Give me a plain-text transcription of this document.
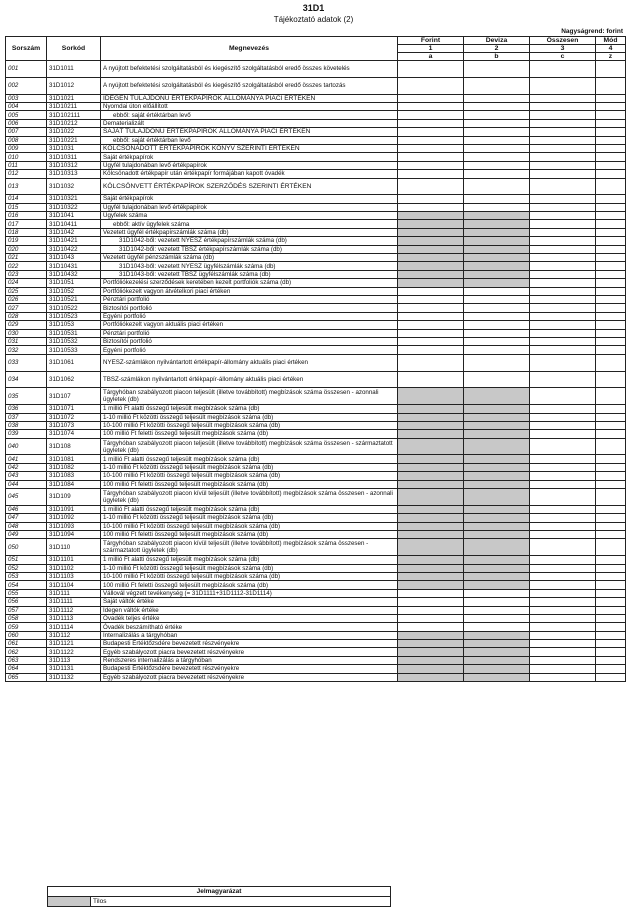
31D1
Tájékoztató adatok (2)
Nagyságrend: forint
Sorszám	Sorkód	Megnevezés	Forint	Deviza	Összesen	Mód
			1	2	3	4
			a	b	c	z
001	31D1011	A nyújtott befektetési szolgáltatásból és kiegészítő szolgáltatásból eredő összes követelés				
002	31D1012	A nyújtott befektetési szolgáltatásból és kiegészítő szolgáltatásból eredő összes tartozás				
003	31D1021	IDEGEN TULAJDONÚ ÉRTÉKPAPÍROK ÁLLOMÁNYA PIACI ÉRTÉKEN				
004	31D10211	Nyomdai úton előállított				
005	31D102111	ebből: saját értéktárban levő				
006	31D10212	Dematerializált				
007	31D1022	SAJÁT TULAJDONÚ ÉRTÉKPAPÍROK ÁLLOMÁNYA PIACI ÉRTÉKEN				
008	31D10221	ebből: saját értéktárban levő				
009	31D1031	KÖLCSÖNADOTT ÉRTÉKPAPÍROK KÖNYV SZERINTI ÉRTÉKEN				
010	31D10311	Saját értékpapírok				
011	31D10312	Ügyfél tulajdonában levő értékpapírok				
012	31D10313	Kölcsönadott értékpapír után értékpapír formájában kapott óvadék				
013	31D1032	KÖLCSÖNVETT ÉRTÉKPAPÍROK SZERZŐDÉS SZERINTI ÉRTÉKEN				
014	31D10321	Saját értékpapírok				
015	31D10322	Ügyfél tulajdonában levő értékpapírok				
016	31D1041	Ügyfelek száma				
017	31D10411	ebből: aktív ügyfelek száma				
018	31D1042	Vezetett ügyfél értékpapírszámlák száma (db)				
019	31D10421	31D1042-ből: vezetett NYESZ értékpapírszámlák száma (db)				
020	31D10422	31D1042-ből: vezetett TBSZ értékpapírszámlák száma (db)				
021	31D1043	Vezetett ügyfél pénzszámlák száma (db)				
022	31D10431	31D1043-ből: vezetett NYESZ ügyfélszámlák száma (db)				
023	31D10432	31D1043-ből: vezetett TBSZ ügyfélszámlák száma (db)				
024	31D1051	Portfóliókezelési szerződések keretében kezelt portfoliók száma (db)				
025	31D1052	Portfóliókezelt vagyon átvételkori piaci értéken				
026	31D10521	Pénztári portfolió				
027	31D10522	Biztosítói portfolió				
028	31D10523	Egyéni portfolió				
029	31D1053	Portfóliókezelt vagyon aktuális piaci értéken				
030	31D10531	Pénztári portfolió				
031	31D10532	Biztosítói portfolió				
032	31D10533	Egyéni portfolió				
033	31D1061	NYESZ-számlákon nyilvántartott értékpapír-állomány aktuális piaci értéken				
034	31D1062	TBSZ-számlákon nyilvántartott értékpapír-állomány aktuális piaci értéken				
035	31D107	Tárgyhóban szabályozott piacon teljesült (illetve továbbított) megbízások száma összesen - azonnali ügyletek (db)				
036	31D1071	1 millió Ft alatti összegű teljesült megbízások száma (db)				
037	31D1072	1-10 millió Ft közötti összegű teljesült megbízások száma (db)				
038	31D1073	10-100 millió Ft közötti összegű teljesült megbízások száma (db)				
039	31D1074	100 millió Ft feletti összegű teljesült megbízások száma (db)				
040	31D108	Tárgyhóban szabályozott piacon teljesült (illetve továbbított) megbízások száma összesen - származtatott ügyletek (db)				
041	31D1081	1 millió Ft alatti összegű teljesült megbízások száma (db)				
042	31D1082	1-10 millió Ft közötti összegű teljesült megbízások száma (db)				
043	31D1083	10-100 millió Ft közötti összegű teljesült megbízások száma (db)				
044	31D1084	100 millió Ft feletti összegű teljesült megbízások száma (db)				
045	31D109	Tárgyhóban szabályozott piacon kívül teljesült (illetve továbbított) megbízások száma összesen - azonnali ügyletek (db)				
046	31D1091	1 millió Ft alatti összegű teljesült megbízások száma (db)				
047	31D1092	1-10 millió Ft közötti összegű teljesült megbízások száma (db)				
048	31D1093	10-100 millió Ft közötti összegű teljesült megbízások száma (db)				
049	31D1094	100 millió Ft feletti összegű teljesült megbízások száma (db)				
050	31D110	Tárgyhóban szabályozott piacon kívül teljesült (illetve továbbított) megbízások száma összesen - származtatott ügyletek (db)				
051	31D1101	1 millió Ft alatti összegű teljesült megbízások száma (db)				
052	31D1102	1-10 millió Ft közötti összegű teljesült megbízások száma (db)				
053	31D1103	10-100 millió Ft közötti összegű teljesült megbízások száma (db)				
054	31D1104	100 millió Ft feletti összegű teljesült megbízások száma (db)				
055	31D111	Vállovál végzett tevékenység (= 31D1111+31D1112-31D1114)				
056	31D1111	Saját váltók értéke				
057	31D1112	Idegen váltók értéke				
058	31D1113	Óvadék teljes értéke				
059	31D1114	Óvadék beszámítható értéke				
060	31D112	Internalizálás a tárgyhóban				
061	31D1121	Budapesti Értéktőzsdére bevezetett részvényekre				
062	31D1122	Egyéb szabályozott piacra bevezetett részvényekre				
063	31D113	Rendszeres internalizálás a tárgyhóban				
064	31D1131	Budapesti Értéktőzsdére bevezetett részvényekre				
065	31D1132	Egyéb szabályozott piacra bevezetett részvényekre				
Jelmagyarázat
	Tilos
